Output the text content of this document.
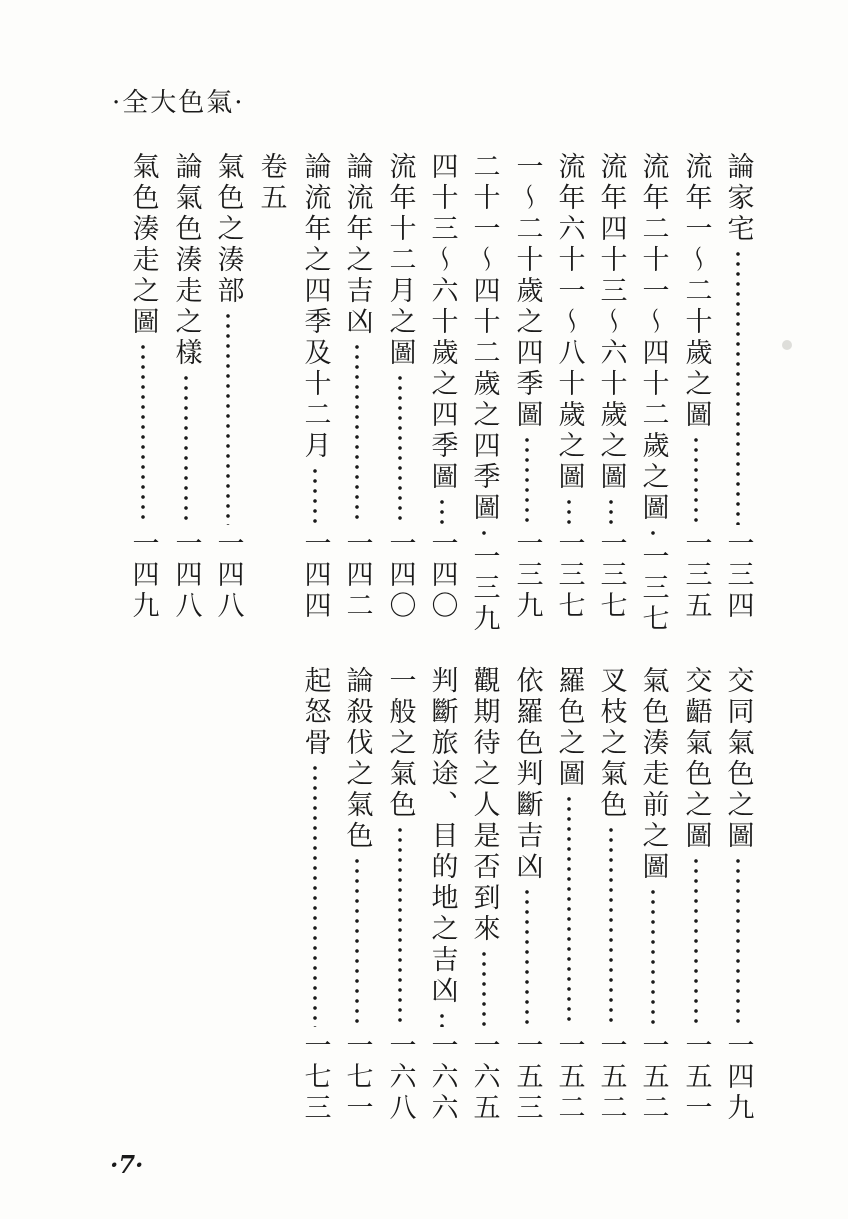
·全大色氣·
論家宅
一三四
流年一～二十歲之圖
一三五
流年二十一～四十二歲之圖
一三七
流年四十三～六十歲之圖
一三七
流年六十一～八十歲之圖
一三七
一～二十歲之四季圖
一三九
二十一～四十二歲之四季圖
一三九
四十三～六十歲之四季圖
一四〇
流年十二月之圖
一四〇
論流年之吉凶
一四二
論流年之四季及十二月
一四四
卷五
氣色之湊部
一四八
論氣色湊走之樣
一四八
氣色湊走之圖
一四九
交同氣色之圖
一四九
交齬氣色之圖
一五一
氣色湊走前之圖
一五二
叉枝之氣色
一五二
羅色之圖
一五二
依羅色判斷吉凶
一五三
觀期待之人是否到來
一六五
判斷旅途、目的地之吉凶
一六六
一般之氣色
一六八
論殺伐之氣色
一七一
起怒骨
一七三
·7·
